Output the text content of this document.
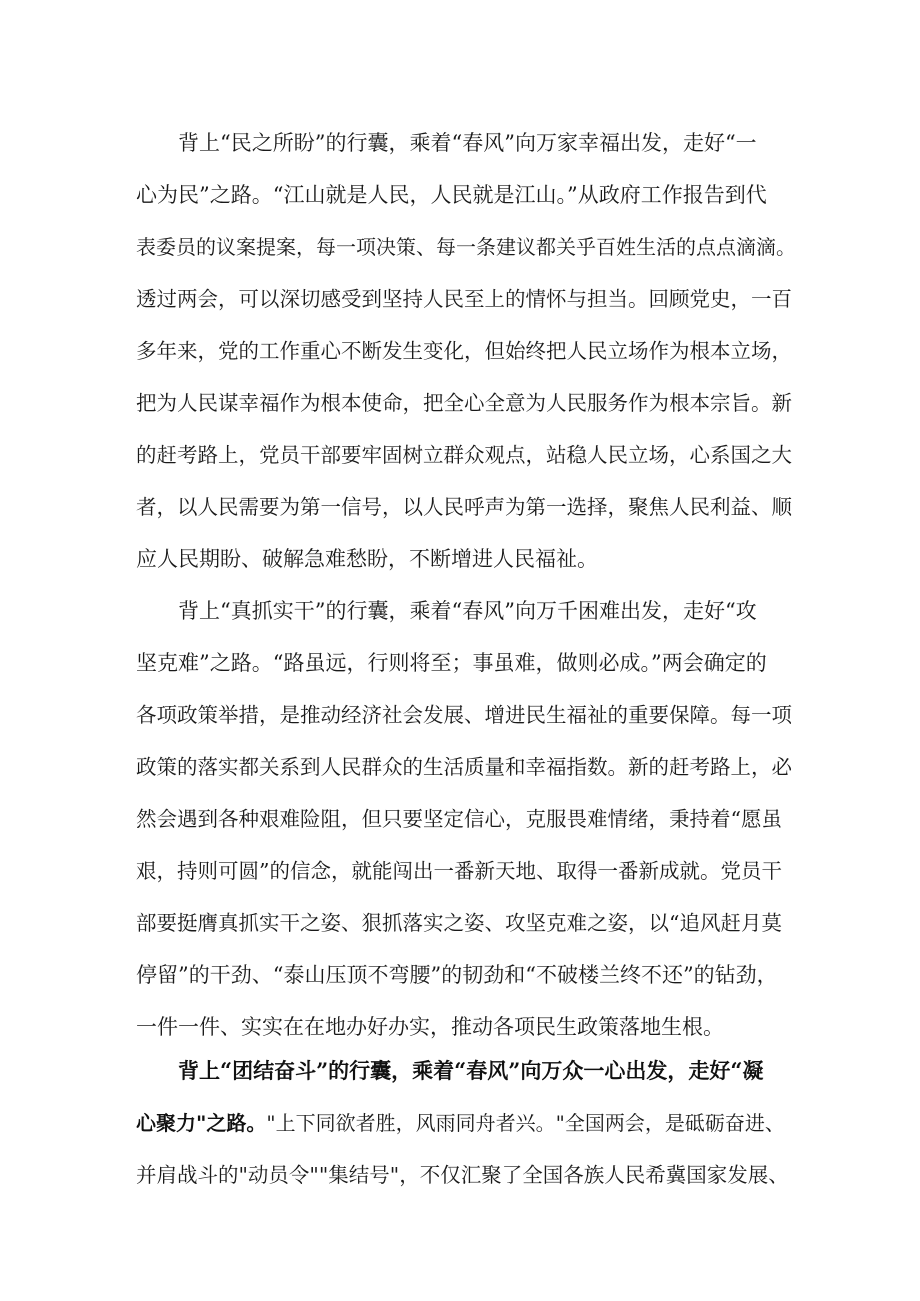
　　背上“民之所盼”的行囊，乘着“春风”向万家幸福出发，走好“一
心为民”之路。“江山就是人民，人民就是江山。”从政府工作报告到代
表委员的议案提案，每一项决策、每一条建议都关乎百姓生活的点点滴滴。
透过两会，可以深切感受到坚持人民至上的情怀与担当。回顾党史，一百
多年来，党的工作重心不断发生变化，但始终把人民立场作为根本立场，
把为人民谋幸福作为根本使命，把全心全意为人民服务作为根本宗旨。新
的赶考路上，党员干部要牢固树立群众观点，站稳人民立场，心系国之大
者，以人民需要为第一信号，以人民呼声为第一选择，聚焦人民利益、顺
应人民期盼、破解急难愁盼，不断增进人民福祉。
　　背上“真抓实干”的行囊，乘着“春风”向万千困难出发，走好“攻
坚克难”之路。“路虽远，行则将至；事虽难，做则必成。”两会确定的
各项政策举措，是推动经济社会发展、增进民生福祉的重要保障。每一项
政策的落实都关系到人民群众的生活质量和幸福指数。新的赶考路上，必
然会遇到各种艰难险阻，但只要坚定信心，克服畏难情绪，秉持着“愿虽
艰，持则可圆”的信念，就能闯出一番新天地、取得一番新成就。党员干
部要挺膺真抓实干之姿、狠抓落实之姿、攻坚克难之姿，以“追风赶月莫
停留”的干劲、“泰山压顶不弯腰”的韧劲和“不破楼兰终不还”的钻劲，
一件一件、实实在在地办好办实，推动各项民生政策落地生根。
　　背上“团结奋斗”的行囊，乘着“春风”向万众一心出发，走好“凝
心聚力"之路。"上下同欲者胜，风雨同舟者兴。"全国两会，是砥砺奋进、
并肩战斗的"动员令""集结号"，不仅汇聚了全国各族人民希冀国家发展、
